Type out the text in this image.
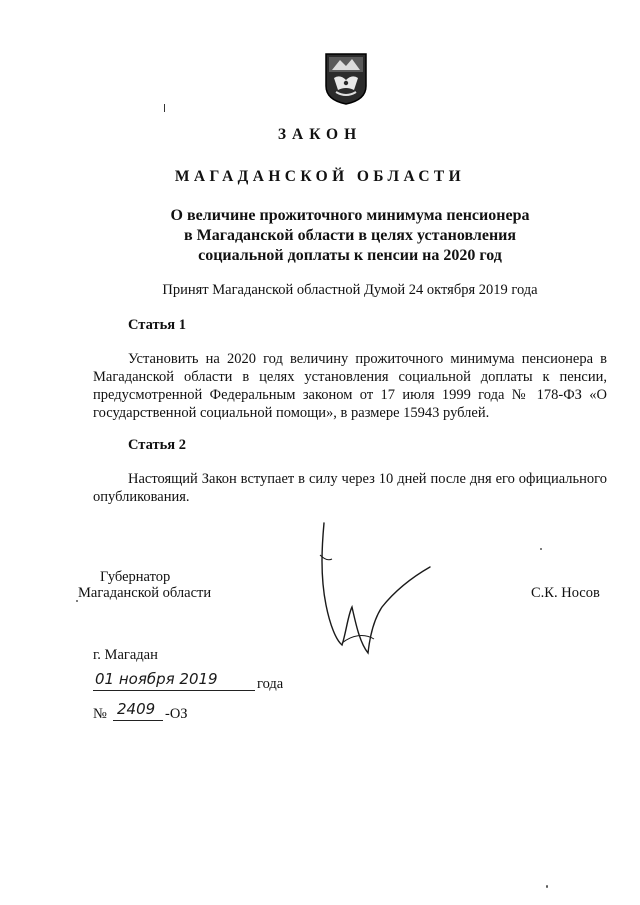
ЗАКОН
МАГАДАНСКОЙ ОБЛАСТИ
О величине прожиточного минимума пенсионера
в Магаданской области в целях установления
социальной доплаты к пенсии на 2020 год
Принят Магаданской областной Думой 24 октября 2019 года
Статья 1
Установить на 2020 год величину прожиточного минимума пенсионера в Магаданской области в целях установления социальной доплаты к пенсии, предусмотренной Федеральным законом от 17 июля 1999 года № 178-ФЗ «О государственной социальной помощи», в размере 15943 рублей.
Статья 2
Настоящий Закон вступает в силу через 10 дней после дня его официального опубликования.
Губернатор
Магаданской области	С.К. Носов
г. Магадан
01 ноября 2019	года
№ 2409 -ОЗ
